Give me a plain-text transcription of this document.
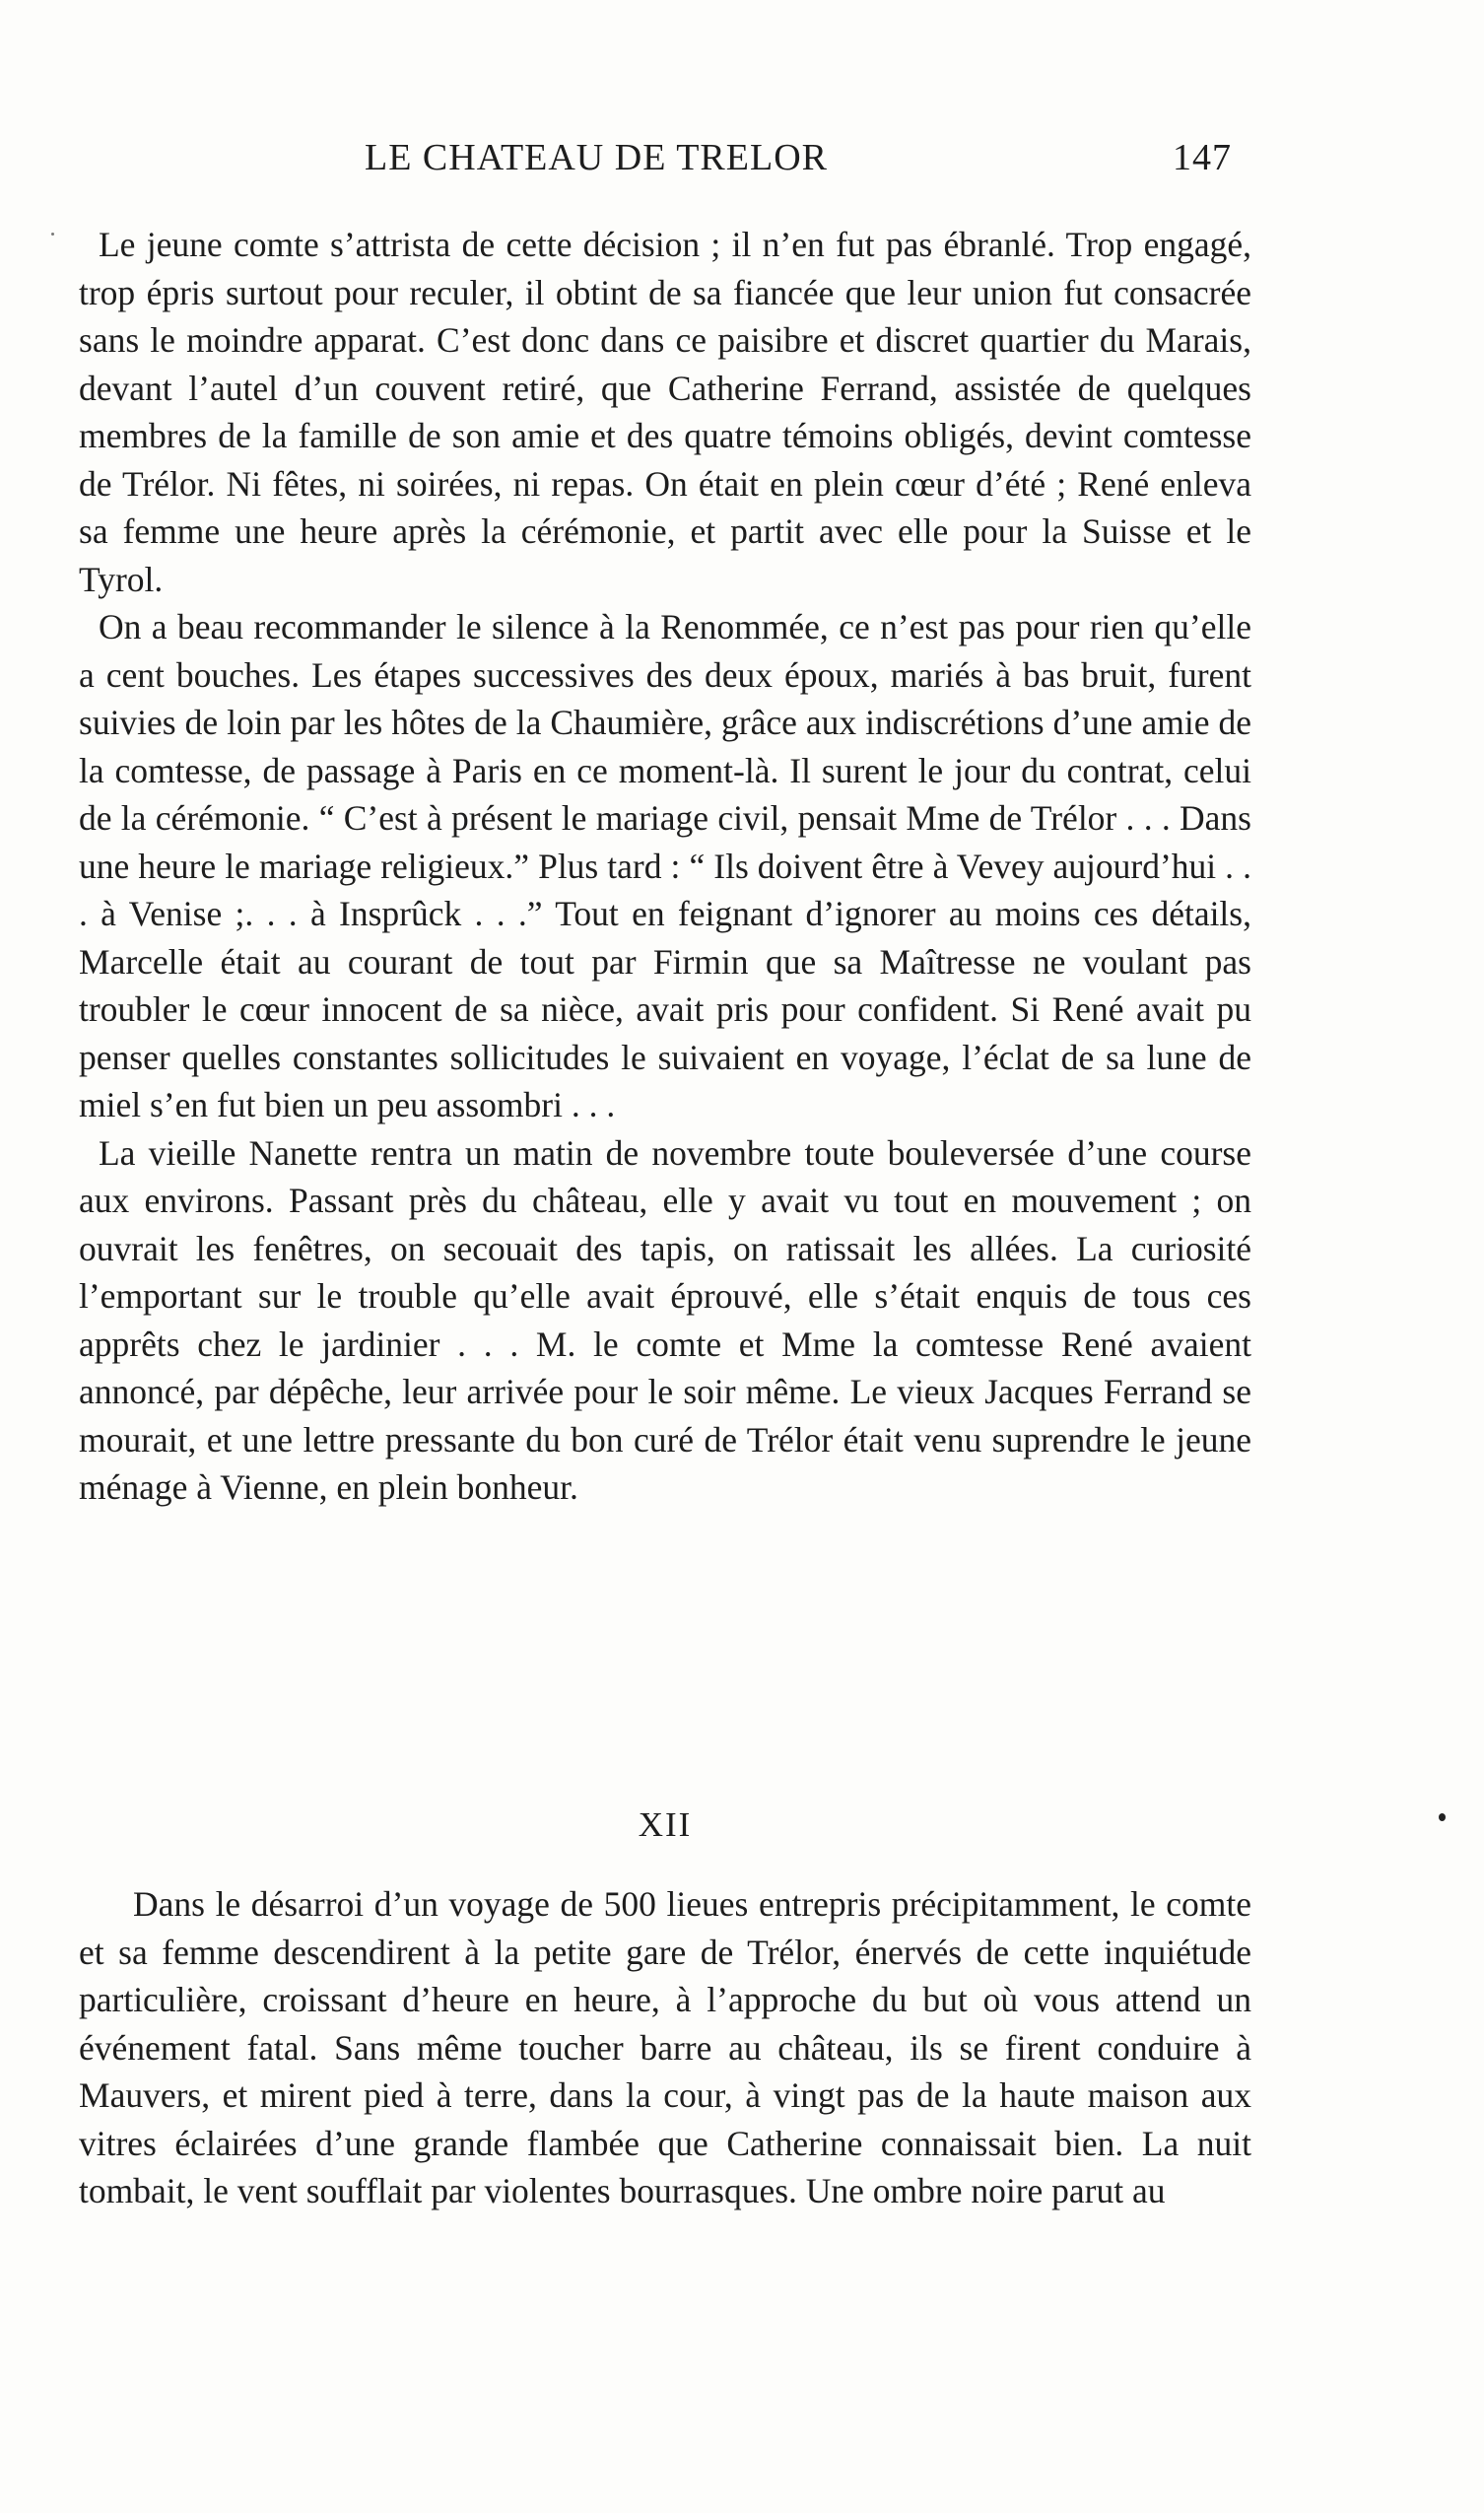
LE CHATEAU DE TRELOR	147

Le jeune comte s’attrista de cette décision ; il n’en fut pas ébranlé. Trop engagé, trop épris surtout pour reculer, il obtint de sa fiancée que leur union fut consacrée sans le moindre apparat. C’est donc dans ce paisibre et discret quartier du Marais, devant l’autel d’un couvent retiré, que Catherine Ferrand, assistée de quelques membres de la famille de son amie et des quatre témoins obligés, devint comtesse de Trélor. Ni fêtes, ni soirées, ni repas. On était en plein cœur d’été ; René enleva sa femme une heure après la cérémonie, et partit avec elle pour la Suisse et le Tyrol.

On a beau recommander le silence à la Renommée, ce n’est pas pour rien qu’elle a cent bouches. Les étapes successives des deux époux, mariés à bas bruit, furent suivies de loin par les hôtes de la Chaumière, grâce aux indiscrétions d’une amie de la comtesse, de passage à Paris en ce moment-là. Il surent le jour du contrat, celui de la cérémonie. “ C’est à présent le mariage civil, pensait Mme de Trélor . . . Dans une heure le mariage religieux.” Plus tard : “ Ils doivent être à Vevey aujourd’hui . . . à Venise ;. . . à Insprûck . . .” Tout en feignant d’ignorer au moins ces détails, Marcelle était au courant de tout par Firmin que sa Maîtresse ne voulant pas troubler le cœur innocent de sa nièce, avait pris pour confident. Si René avait pu penser quelles constantes sollicitudes le suivaient en voyage, l’éclat de sa lune de miel s’en fut bien un peu assombri . . .

La vieille Nanette rentra un matin de novembre toute bouleversée d’une course aux environs. Passant près du château, elle y avait vu tout en mouvement ; on ouvrait les fenêtres, on secouait des tapis, on ratissait les allées. La curiosité l’emportant sur le trouble qu’elle avait éprouvé, elle s’était enquis de tous ces apprêts chez le jardinier . . . M. le comte et Mme la comtesse René avaient annoncé, par dépêche, leur arrivée pour le soir même. Le vieux Jacques Ferrand se mourait, et une lettre pressante du bon curé de Trélor était venu suprendre le jeune ménage à Vienne, en plein bonheur.

XII

Dans le désarroi d’un voyage de 500 lieues entrepris précipitamment, le comte et sa femme descendirent à la petite gare de Trélor, énervés de cette inquiétude particulière, croissant d’heure en heure, à l’approche du but où vous attend un événement fatal. Sans même toucher barre au château, ils se firent conduire à Mauvers, et mirent pied à terre, dans la cour, à vingt pas de la haute maison aux vitres éclairées d’une grande flambée que Catherine connaissait bien. La nuit tombait, le vent soufflait par violentes bourrasques. Une ombre noire parut au
